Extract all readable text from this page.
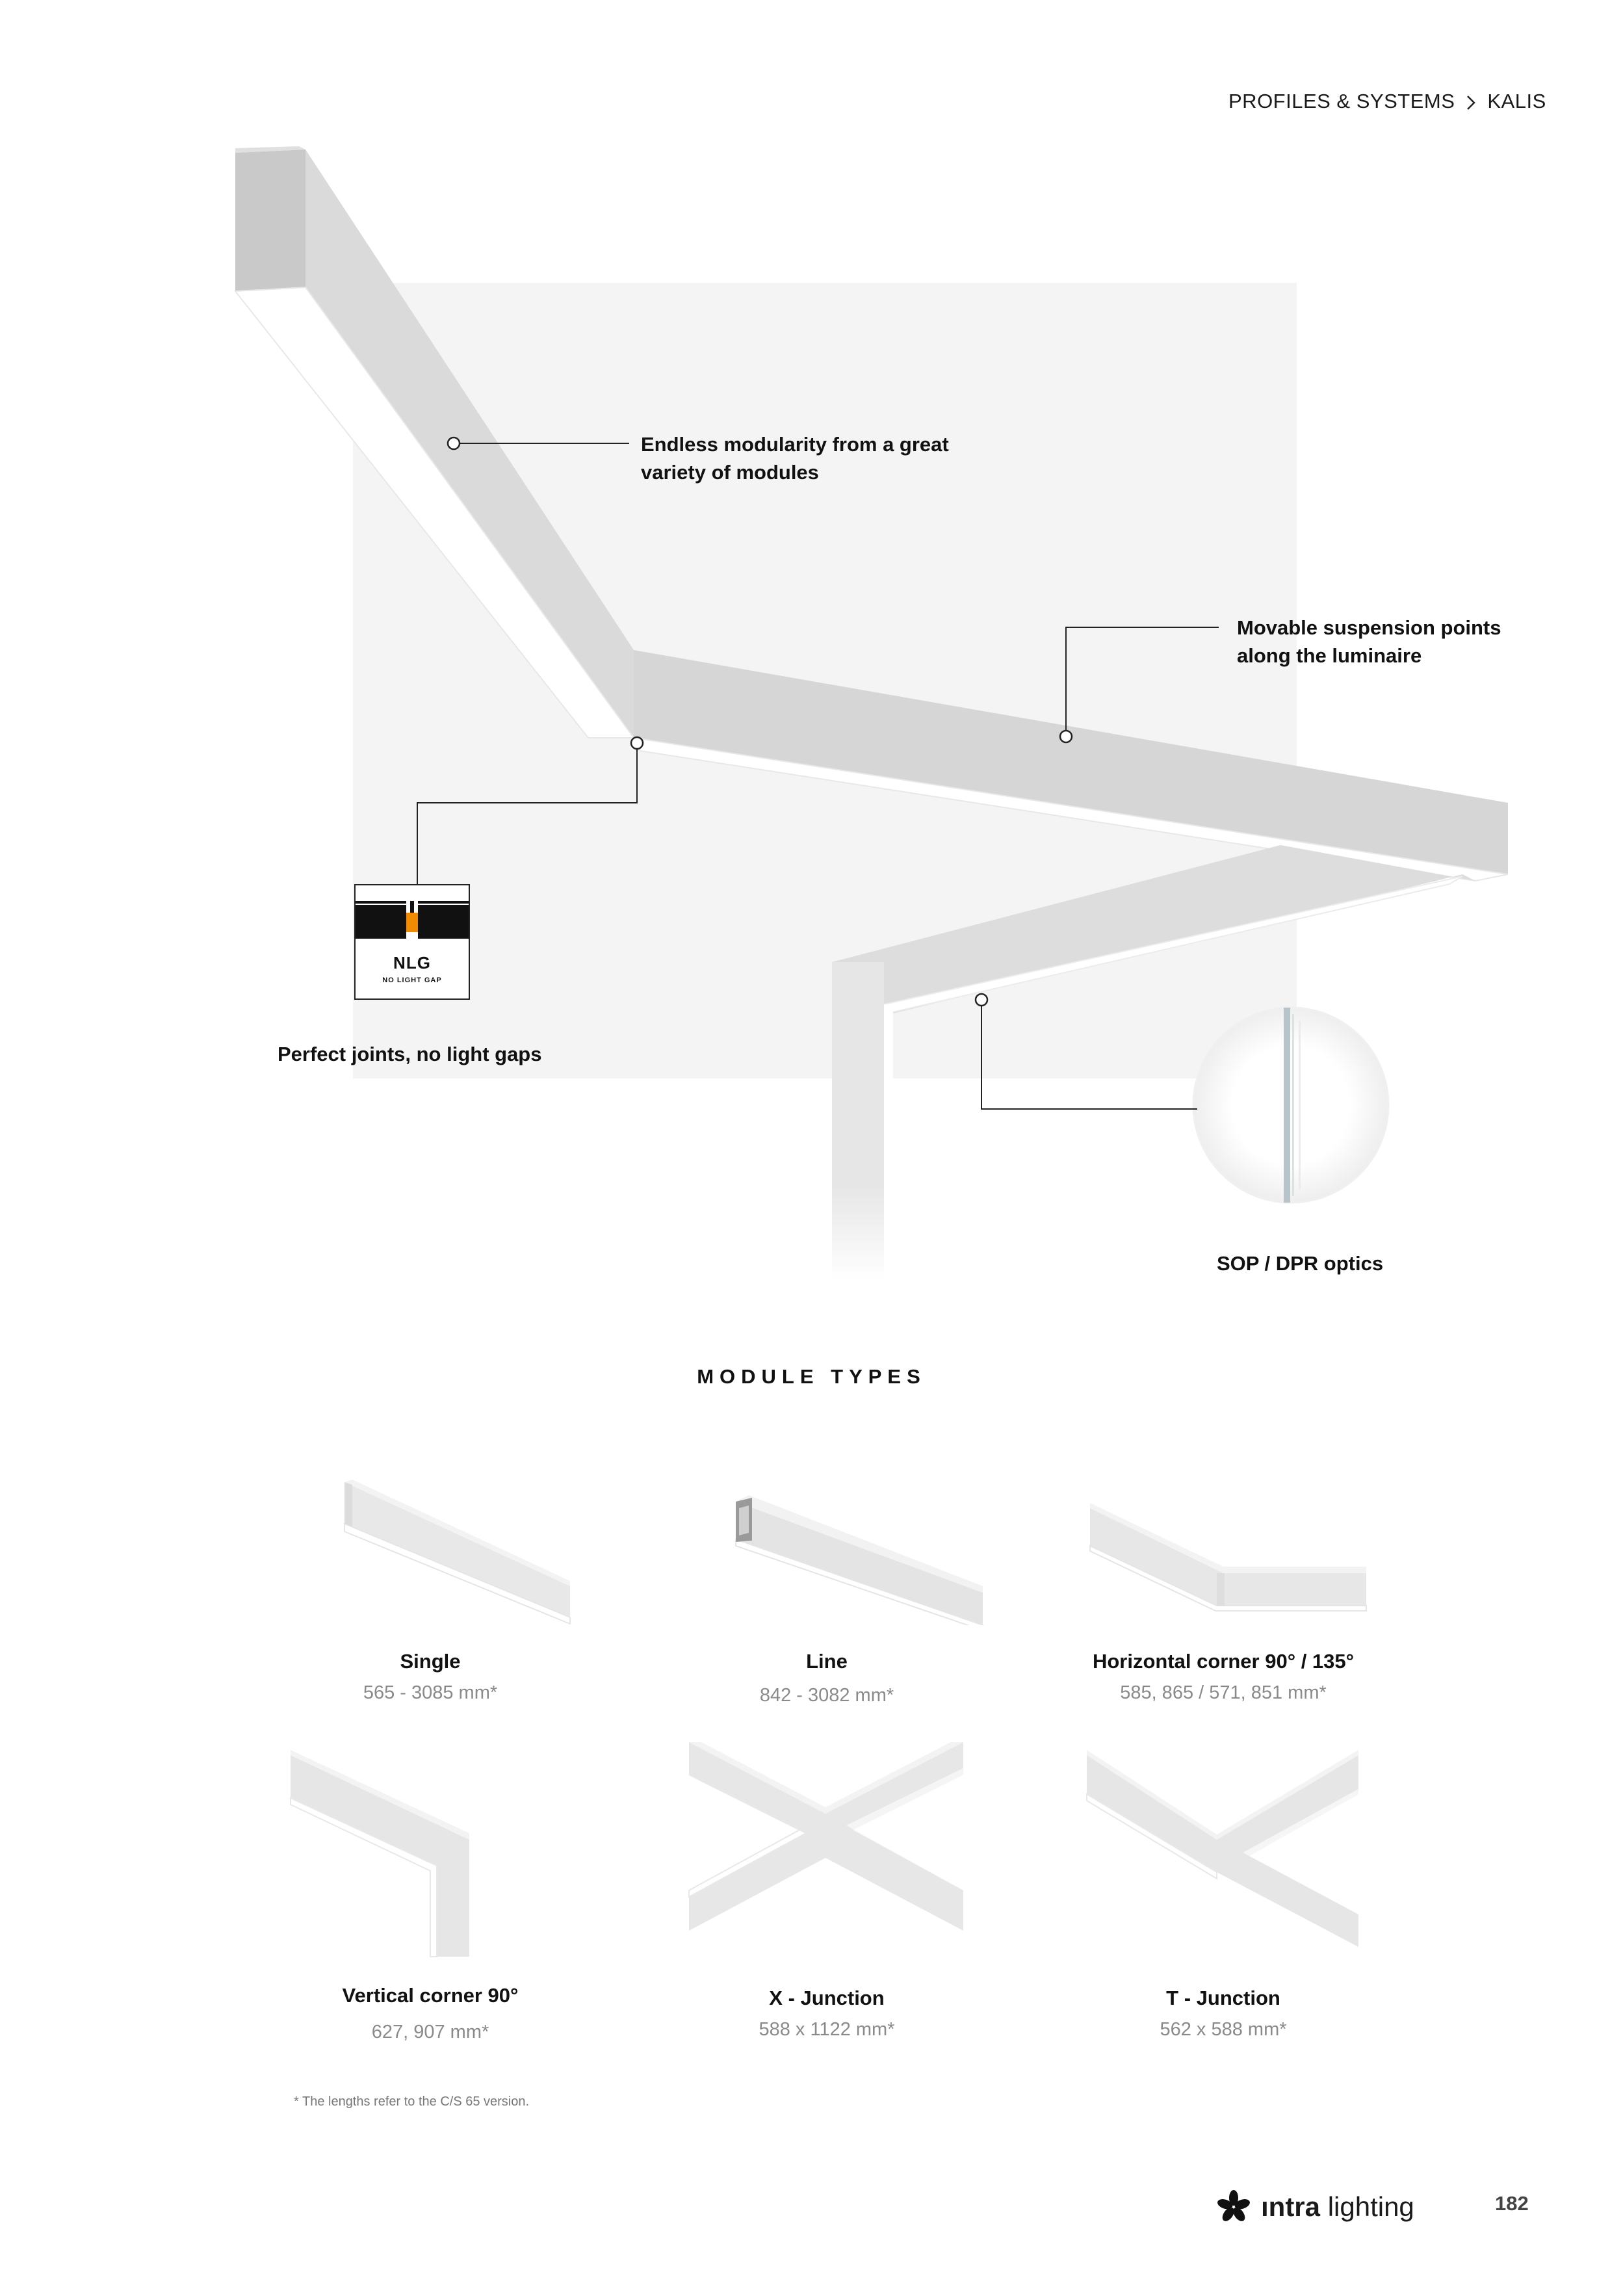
PROFILES & SYSTEMS KALIS
Endless modularity from a great variety of modules
Movable suspension points along the luminaire
Perfect joints, no light gaps
SOP / DPR optics
NLG
NO LIGHT GAP
MODULE TYPES
Single
565 - 3085 mm*
Line
842 - 3082 mm*
Horizontal corner 90° / 135°
585, 865 / 571, 851 mm*
Vertical corner 90°
627, 907 mm*
X - Junction
588 x 1122 mm*
T - Junction
562 x 588 mm*
* The lengths refer to the C/S 65 version.
ıntra lighting	182
